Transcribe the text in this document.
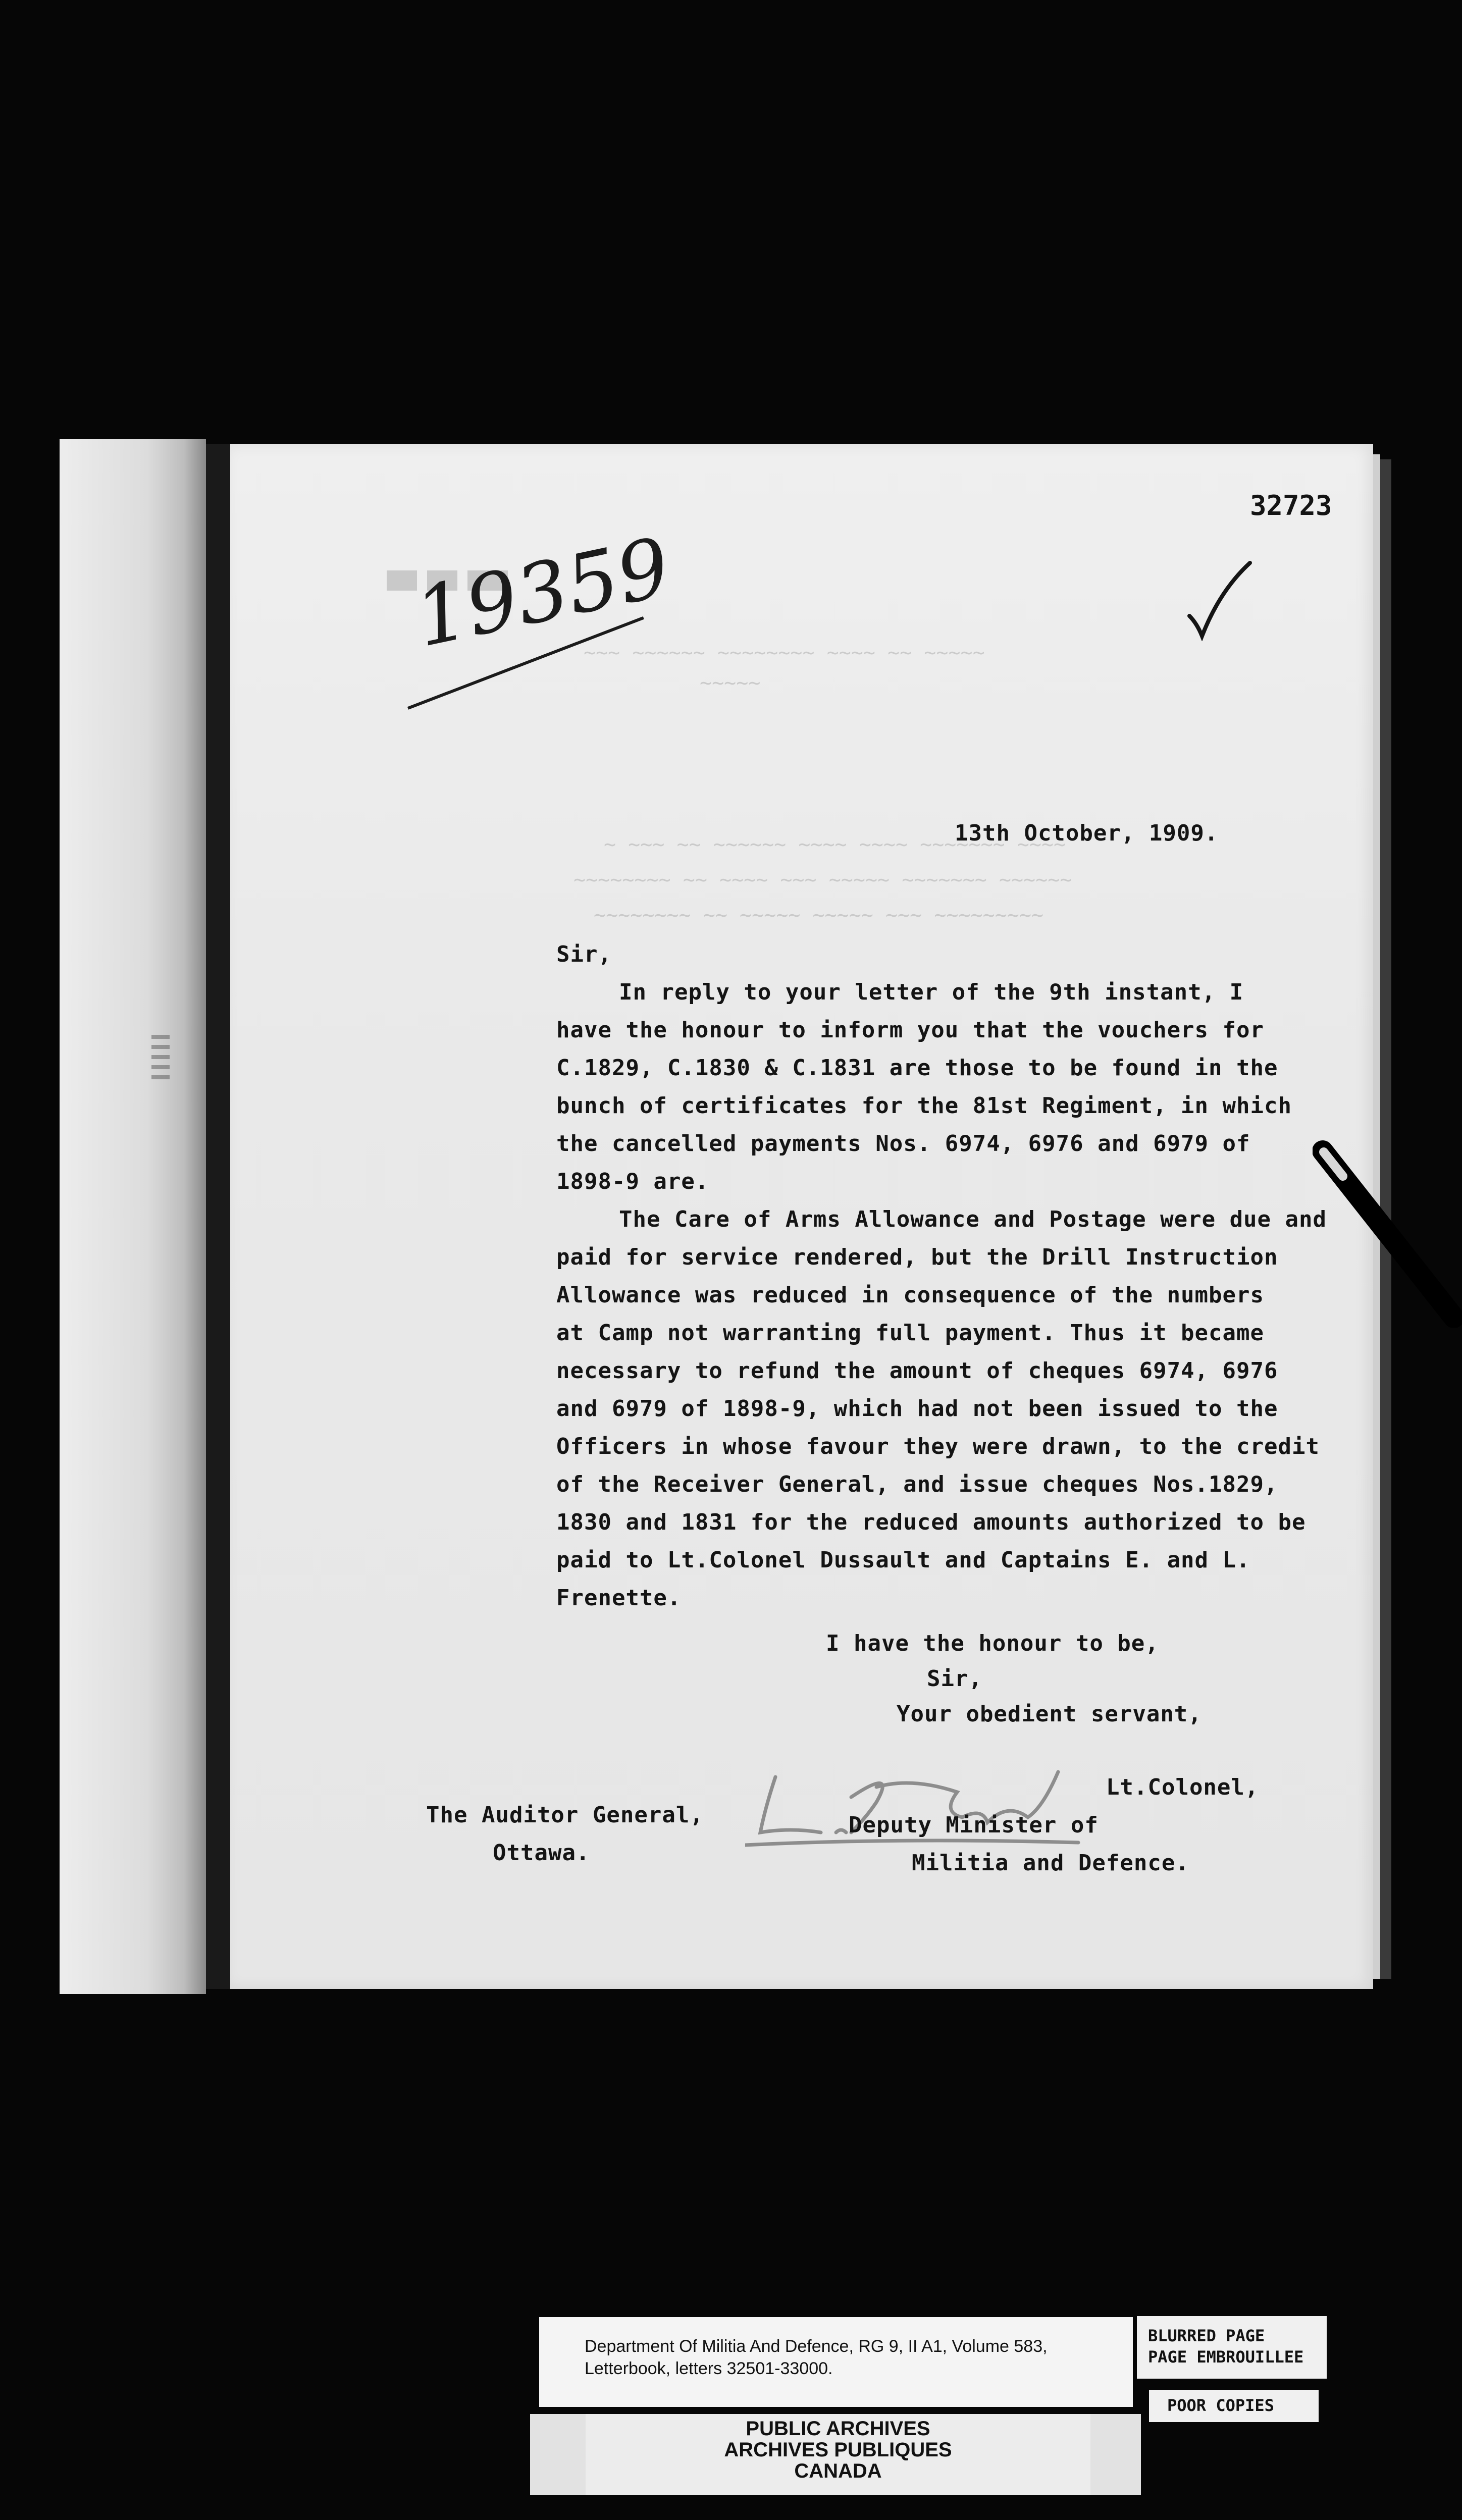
~~~ ~~~~~~ ~~~~~~~~ ~~~~ ~~ ~~~~~
~~~~~
~ ~~~ ~~ ~~~~~~ ~~~~ ~~~~ ~~~~~~~ ~~~~
~~~~~~~~ ~~ ~~~~ ~~~ ~~~~~ ~~~~~~~ ~~~~~~
~~~~~~~~ ~~ ~~~~~ ~~~~~ ~~~ ~~~~~~~~~
32723
19359
13th October, 1909.
Sir,
In reply to your letter of the 9th instant, I
have the honour to inform you that the vouchers for
C.1829, C.1830 & C.1831 are those to be found in the
bunch of certificates for the 81st Regiment, in which
the cancelled payments Nos. 6974, 6976 and 6979 of
1898-9 are.
The Care of Arms Allowance and Postage were due and
paid for service rendered, but the Drill Instruction
Allowance was reduced in consequence of the numbers
at Camp not warranting full payment. Thus it became
necessary to refund the amount of cheques 6974, 6976
and 6979 of 1898-9, which had not been issued to the
Officers in whose favour they were drawn, to the credit
of the Receiver General, and issue cheques Nos.1829,
1830 and 1831 for the reduced amounts authorized to be
paid to Lt.Colonel Dussault and Captains E. and L.
Frenette.
I have the honour to be,
Sir,
Your obedient servant,
Lt.Colonel,
Deputy Minister of
Militia and Defence.
The Auditor General,
Ottawa.
Department Of Militia And Defence, RG 9, II A1, Volume 583,
Letterbook, letters 32501-33000.
PUBLIC ARCHIVES
ARCHIVES PUBLIQUES
CANADA
BLURRED PAGE
PAGE EMBROUILLEE
POOR COPIES
